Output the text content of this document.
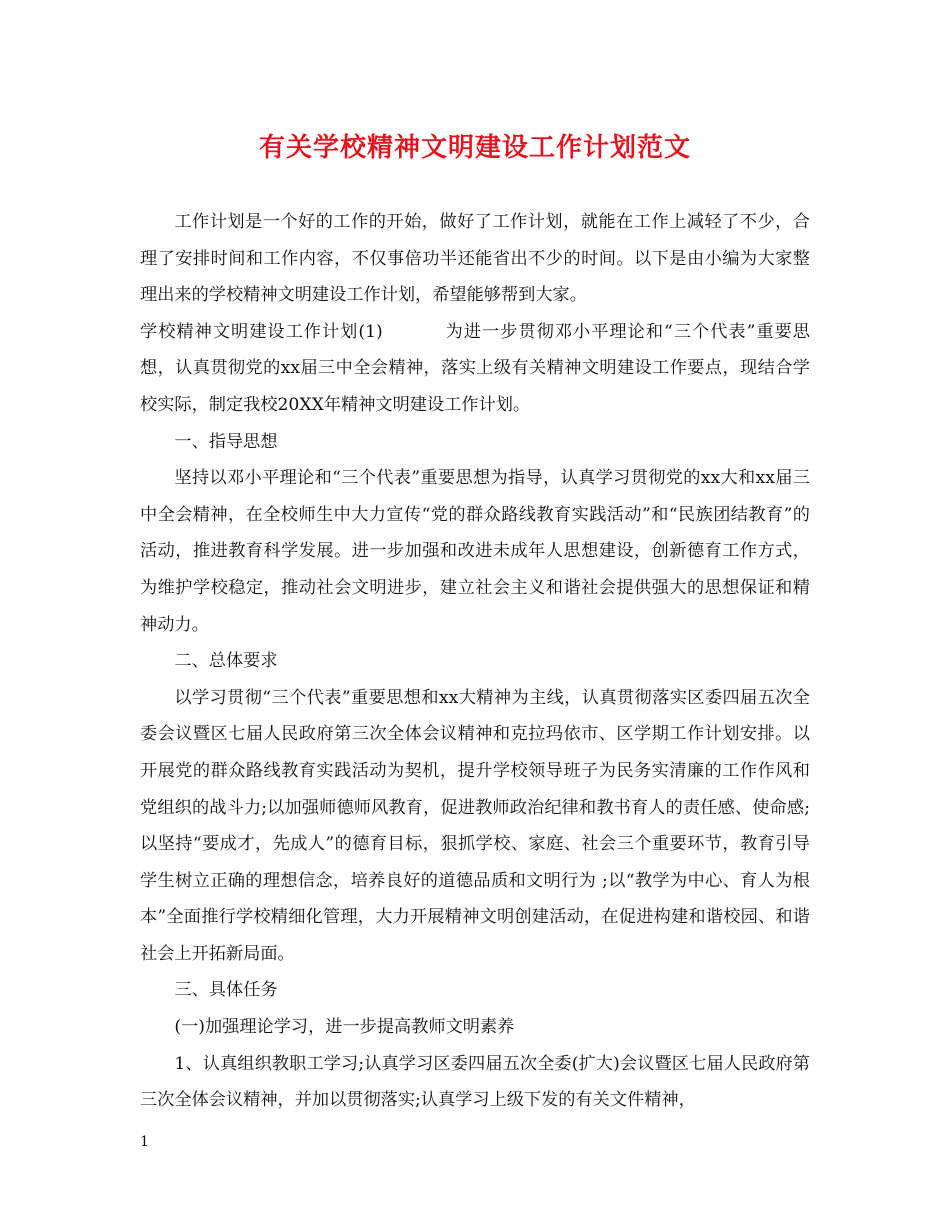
有关学校精神文明建设工作计划范文

工作计划是一个好的工作的开始，做好了工作计划，就能在工作上减轻了不少，合理了安排时间和工作内容，不仅事倍功半还能省出不少的时间。以下是由小编为大家整理出来的学校精神文明建设工作计划，希望能够帮到大家。

学校精神文明建设工作计划(1)	为进一步贯彻邓小平理论和“三个代表”重要思想，认真贯彻党的xx届三中全会精神，落实上级有关精神文明建设工作要点，现结合学校实际，制定我校20XX年精神文明建设工作计划。

一、指导思想

坚持以邓小平理论和“三个代表”重要思想为指导，认真学习贯彻党的xx大和xx届三中全会精神，在全校师生中大力宣传“党的群众路线教育实践活动”和“民族团结教育”的活动，推进教育科学发展。进一步加强和改进未成年人思想建设，创新德育工作方式，为维护学校稳定，推动社会文明进步，建立社会主义和谐社会提供强大的思想保证和精神动力。

二、总体要求

以学习贯彻“三个代表”重要思想和xx大精神为主线，认真贯彻落实区委四届五次全委会议暨区七届人民政府第三次全体会议精神和克拉玛依市、区学期工作计划安排。以开展党的群众路线教育实践活动为契机，提升学校领导班子为民务实清廉的工作作风和党组织的战斗力;以加强师德师风教育，促进教师政治纪律和教书育人的责任感、使命感;以坚持“要成才，先成人”的德育目标，狠抓学校、家庭、社会三个重要环节，教育引导学生树立正确的理想信念，培养良好的道德品质和文明行为 ;以“教学为中心、育人为根本”全面推行学校精细化管理，大力开展精神文明创建活动，在促进构建和谐校园、和谐社会上开拓新局面。

三、具体任务

(一)加强理论学习，进一步提高教师文明素养

1、认真组织教职工学习;认真学习区委四届五次全委(扩大)会议暨区七届人民政府第三次全体会议精神，并加以贯彻落实;认真学习上级下发的有关文件精神，

1
